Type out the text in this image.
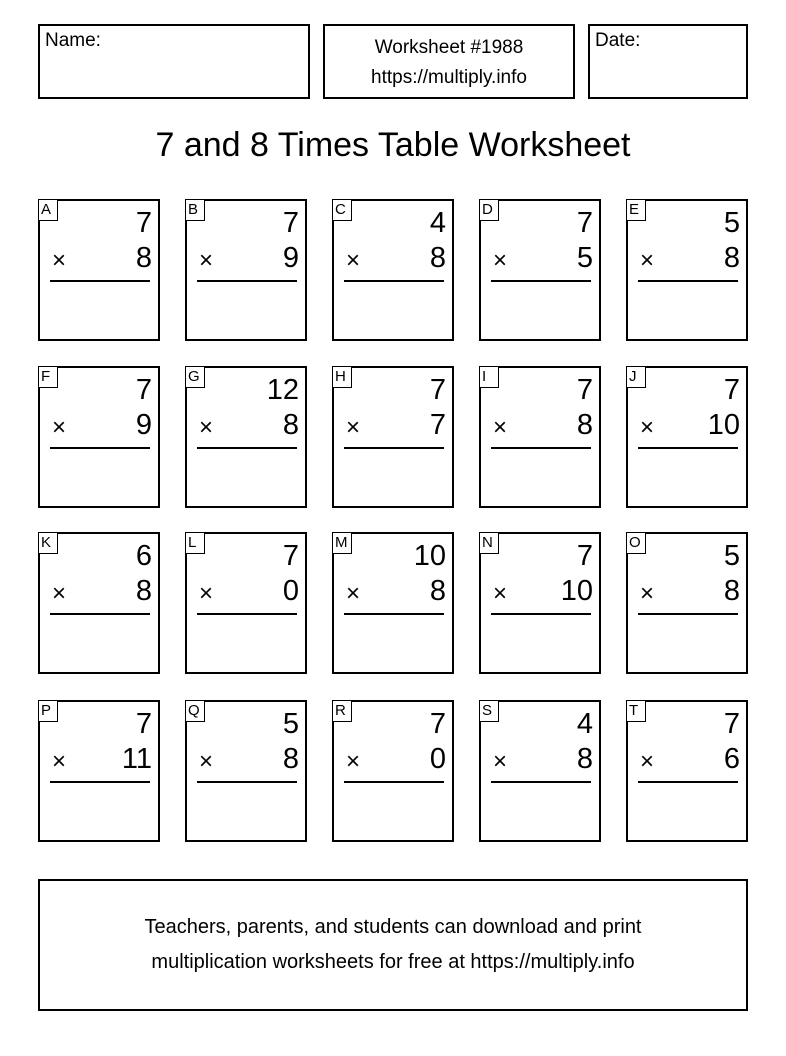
Name:	Worksheet #1988
https://multiply.info
Date:
7 and 8 Times Table Worksheet
A	7
× 8
B	7
× 9
C	4
× 8
D	7
× 5
E	5
× 8
F	7
× 9
G 12
× 8
H	7
× 7
I	7
× 8
J	7
× 10
K	6
× 8
L	7
× 0
M 10
× 8
N	7
× 10
O	5
× 8
P	7
× 11
Q	5
× 8
R	7
× 0
S	4
× 8
T	7
× 6
Teachers, parents, and students can download and print
multiplication worksheets for free at https://multiply.info
